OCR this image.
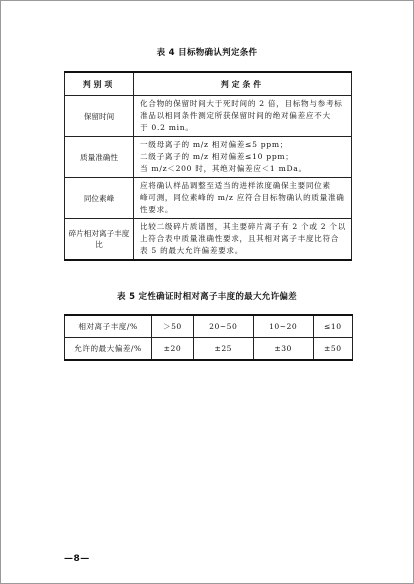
表 4 目标物确认判定条件
判别项	判定条件
保留时间	化合物的保留时间大于死时间的 2 倍，目标物与参考标
准品以相同条件测定所获保留时间的绝对偏差应不大
于 0.2 min。

质量准确性	一级母离子的 m/z 相对偏差≤5 ppm；
二级子离子的 m/z 相对偏差≤10 ppm；
当 m/z＜200 时，其绝对偏差应＜1 mDa。

同位素峰	应将确认样品调整至适当的进样浓度确保主要同位素
峰可测，同位素峰的 m/z 应符合目标物确认的质量准确
性要求。

碎片相对离子丰度比	比较二级碎片质谱图，其主要碎片离子有 2 个或 2 个以
上符合表中质量准确性要求，且其相对离子丰度比符合
表 5 的最大允许偏差要求。
表 5 定性确证时相对离子丰度的最大允许偏差
相对离子丰度/%	＞50	20~50	10~20	≤10
允许的最大偏差/%	±20	±25	±30	±50
—8—
